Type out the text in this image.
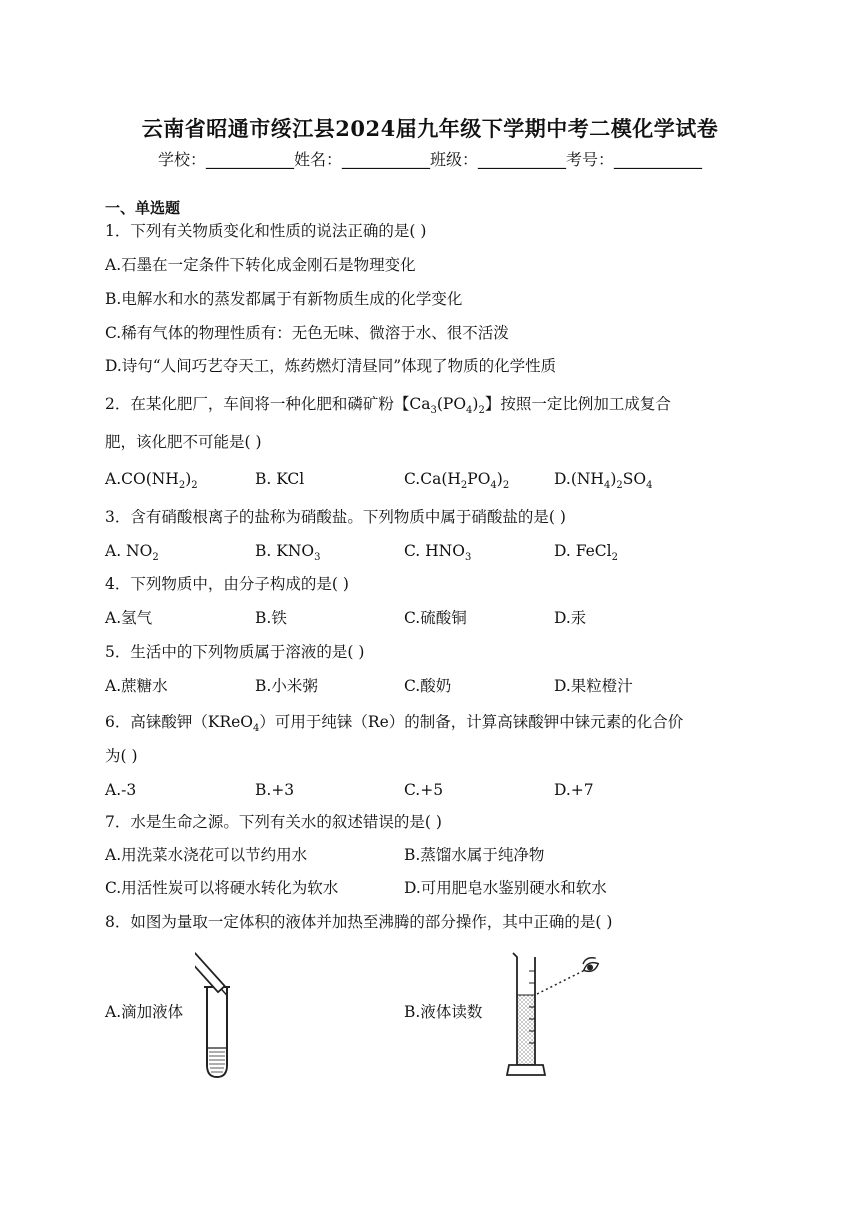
云南省昭通市绥江县2024届九年级下学期中考二模化学试卷
学校：___________姓名：___________班级：___________考号：___________
一、单选题
1．下列有关物质变化和性质的说法正确的是( )
A.石墨在一定条件下转化成金刚石是物理变化
B.电解水和水的蒸发都属于有新物质生成的化学变化
C.稀有气体的物理性质有：无色无味、微溶于水、很不活泼
D.诗句“人间巧艺夺天工，炼药燃灯清昼同”体现了物质的化学性质
2．在某化肥厂，车间将一种化肥和磷矿粉【$Ca_3(PO_4)_2$】按照一定比例加工成复合
肥，该化肥不可能是( )
$A.CO(NH_2)_2$	B. KCl	$C.Ca(H_2PO_4)_2$	$D.(NH_4)_2SO_4$
3．含有硝酸根离子的盐称为硝酸盐。下列物质中属于硝酸盐的是( )
A. $NO_2$	B. $KNO_3$	C. $HNO_3$	D. FeCl$_2$
4．下列物质中，由分子构成的是( )
A.氢气	B.铁	C.硫酸铜	D.汞
5．生活中的下列物质属于溶液的是( )
A.蔗糖水	B.小米粥	C.酸奶	D.果粒橙汁
6．高铼酸钾（KReO$_4$）可用于纯铼（Re）的制备，计算高铼酸钾中铼元素的化合价
为( )
A.-3	B.+3	C.+5	D.+7
7．水是生命之源。下列有关水的叙述错误的是( )
A.用洗菜水浇花可以节约用水	B.蒸馏水属于纯净物
C.用活性炭可以将硬水转化为软水	D.可用肥皂水鉴别硬水和软水
8．如图为量取一定体积的液体并加热至沸腾的部分操作，其中正确的是( )
A.滴加液体	B.液体读数
